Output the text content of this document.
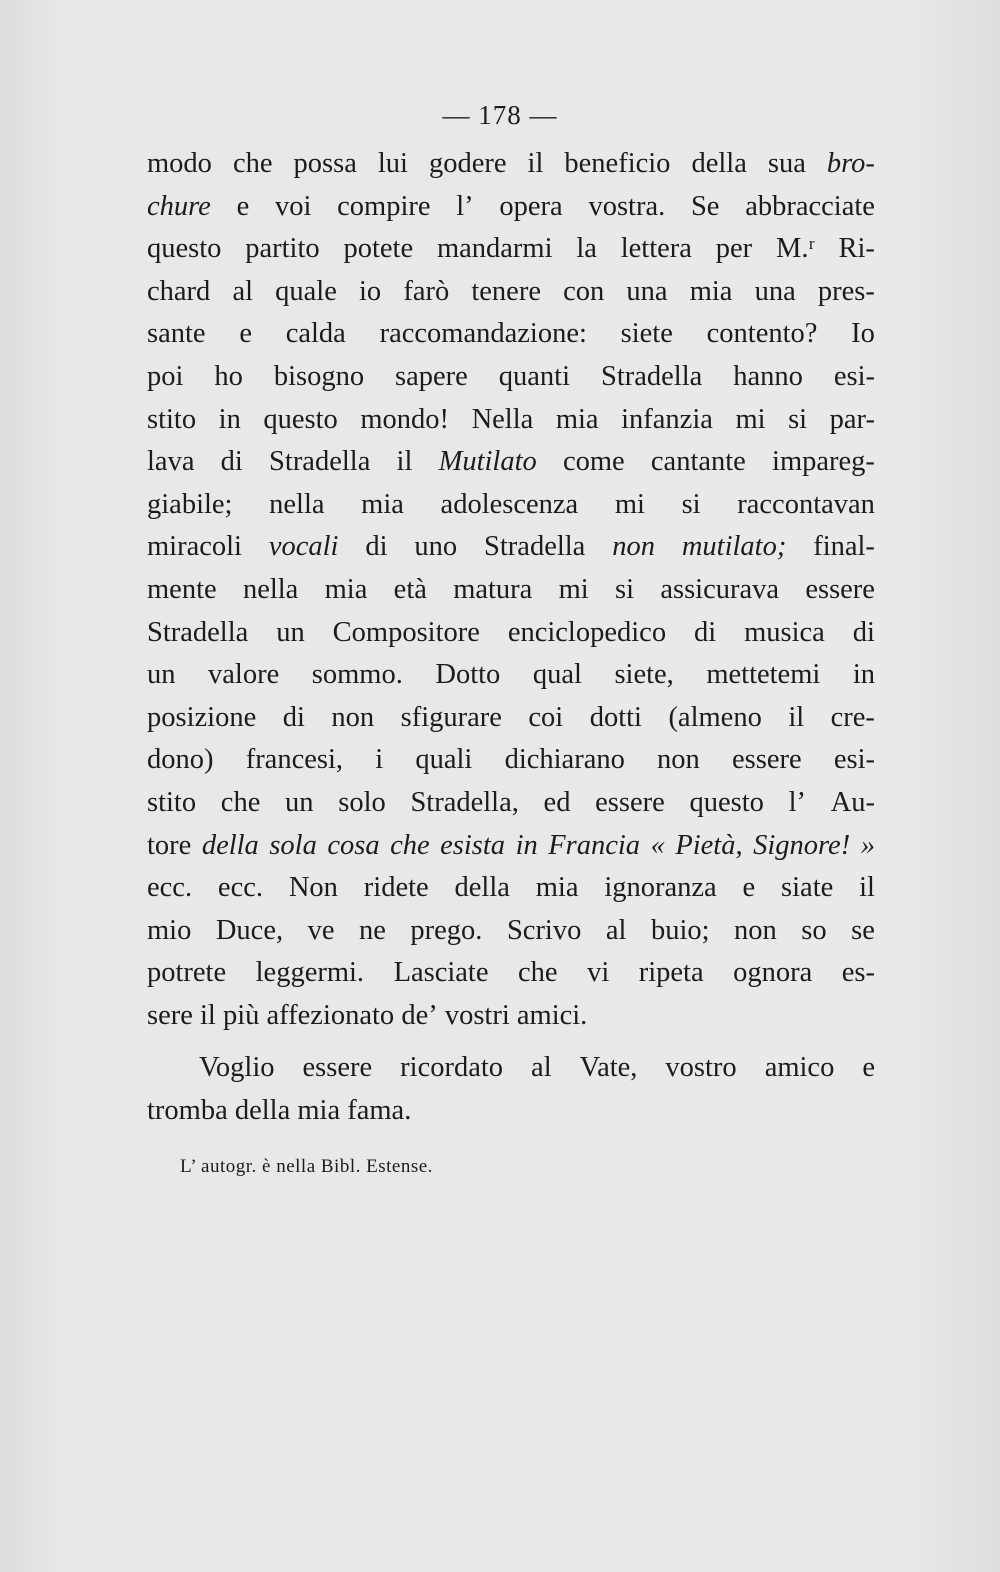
— 178 —
modo che possa lui godere il beneficio della sua bro-
chure e voi compire l’ opera vostra. Se abbracciate
questo partito potete mandarmi la lettera per M.ʳ Ri-
chard al quale io farò tenere con una mia una pres-
sante e calda raccomandazione: siete contento? Io
poi ho bisogno sapere quanti Stradella hanno esi-
stito in questo mondo! Nella mia infanzia mi si par-
lava di Stradella il Mutilato come cantante impareg-
giabile; nella mia adolescenza mi si raccontavan
miracoli vocali di uno Stradella non mutilato; final-
mente nella mia età matura mi si assicurava essere
Stradella un Compositore enciclopedico di musica di
un valore sommo. Dotto qual siete, mettetemi in
posizione di non sfigurare coi dotti (almeno il cre-
dono) francesi, i quali dichiarano non essere esi-
stito che un solo Stradella, ed essere questo l’ Au-
tore della sola cosa che esista in Francia « Pietà, Signore! »
ecc. ecc. Non ridete della mia ignoranza e siate il
mio Duce, ve ne prego. Scrivo al buio; non so se
potrete leggermi. Lasciate che vi ripeta ognora es-
sere il più affezionato de’ vostri amici.
Voglio essere ricordato al Vate, vostro amico e
tromba della mia fama.
L’ autogr. è nella Bibl. Estense.
